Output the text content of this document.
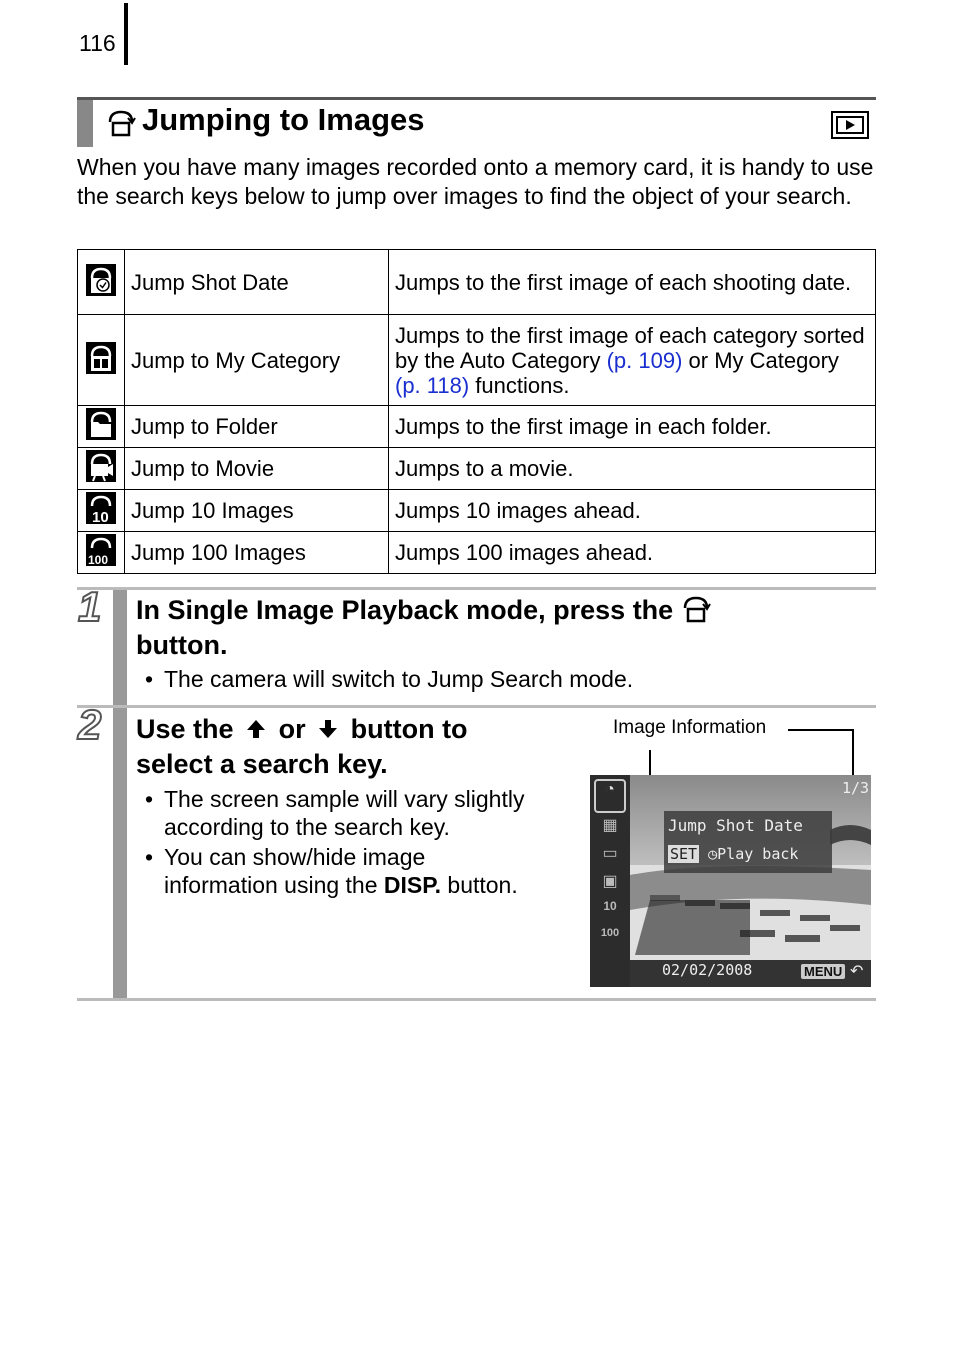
116
Jumping to Images
When you have many images recorded onto a memory card, it is handy to use the search keys below to jump over images to find the object of your search.
	Jump Shot Date	Jumps to the first image of each shooting date.
	Jump to My Category	Jumps to the first image of each category sorted by the Auto Category (p. 109) or My Category (p. 118) functions.
	Jump to Folder	Jumps to the first image in each folder.
	Jump to Movie	Jumps to a movie.

10	Jump 10 Images	Jumps 10 images ahead.

100	Jump 100 Images	Jumps 100 images ahead.
1 In Single Image Playback mode, press the
button.
• The camera will switch to Jump Search mode.
2 Use the or button to
select a search key.
• The screen sample will vary slightly
according to the search key.
• You can show/hide image
information using the DISP. button.
Image Information
◔
▦
▭
▣
10
100
1/3
Jump Shot Date
SET ◷Play back
02/02/2008	MENU ↶
